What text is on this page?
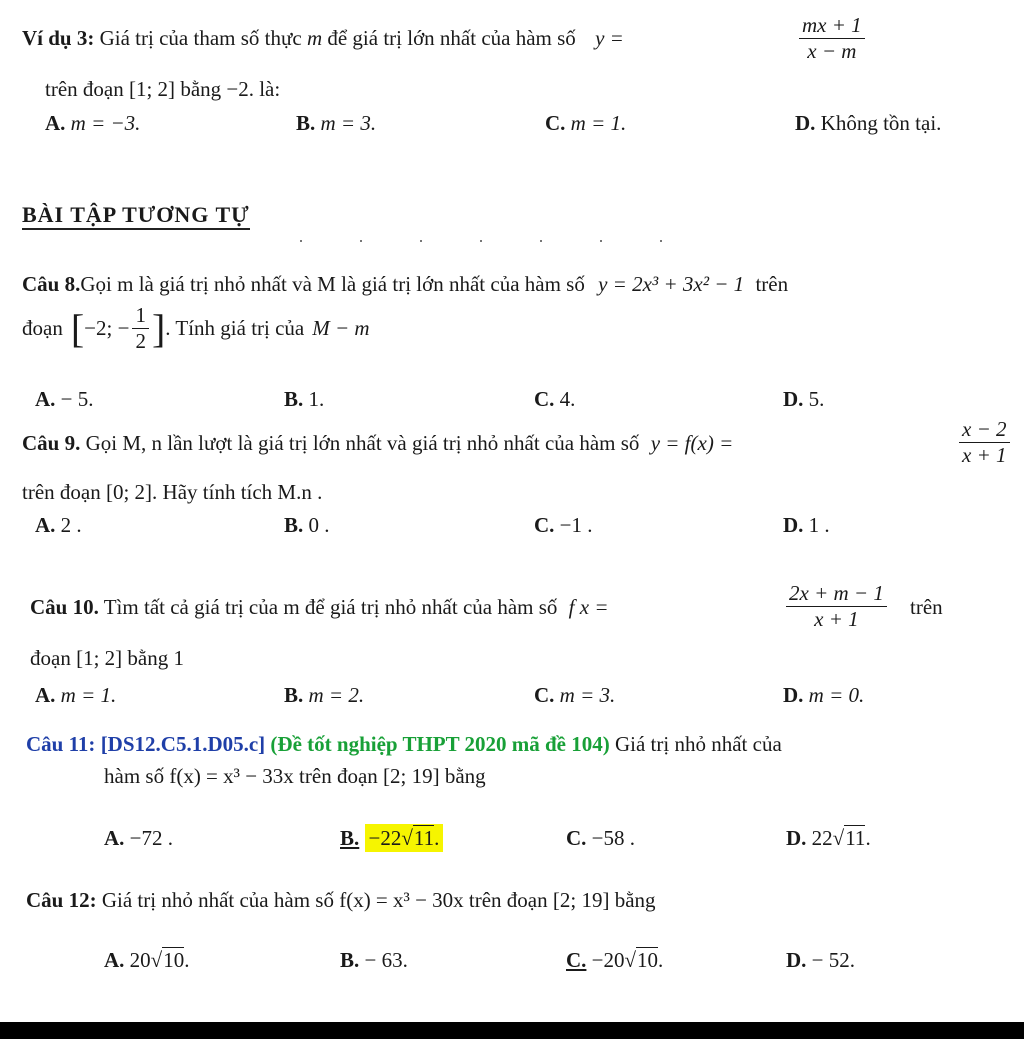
Ví dụ 3: Giá trị của tham số thực m để giá trị lớn nhất của hàm số y =	$\frac{mx + 1}{x - m}$
trên đoạn [1; 2] bằng −2. là:
A. m = −3.	B. m = 3.	C. m = 1.	D. Không tồn tại.
BÀI TẬP TƯƠNG TỰ
Câu 8.Gọi m là giá trị nhỏ nhất và M là giá trị lớn nhất của hàm số y = 2x³ + 3x² − 1 trên
đoạn [ −2; − $\frac{1}{2}$ ] . Tính giá trị của M − m
A. − 5.	B. 1.	C. 4.	D. 5.
Câu 9. Gọi M, n lần lượt là giá trị lớn nhất và giá trị nhỏ nhất của hàm số y = f(x) =	$\frac{x - 2}{x + 1}$
trên đoạn [0; 2]. Hãy tính tích M.n .
A. 2 .	B. 0 .	C. −1 .	D. 1 .
Câu 10. Tìm tất cả giá trị của m để giá trị nhỏ nhất của hàm số f x =	$\frac{2x + m - 1}{x + 1}$ trên
đoạn [1; 2] bằng 1
A. m = 1.	B. m = 2.	C. m = 3.	D. m = 0.
Câu 11: [DS12.C5.1.D05.c] (Đề tốt nghiệp THPT 2020 mã đề 104) Giá trị nhỏ nhất của
hàm số f(x) = x³ − 33x trên đoạn [2; 19] bằng
A. −72 .	B. −22√11.	C. −58 .	D. 22√11.
Câu 12: Giá trị nhỏ nhất của hàm số f(x) = x³ − 30x trên đoạn [2; 19] bằng
A. 20√10.	B. − 63.	C. −20√10.	D. − 52.
